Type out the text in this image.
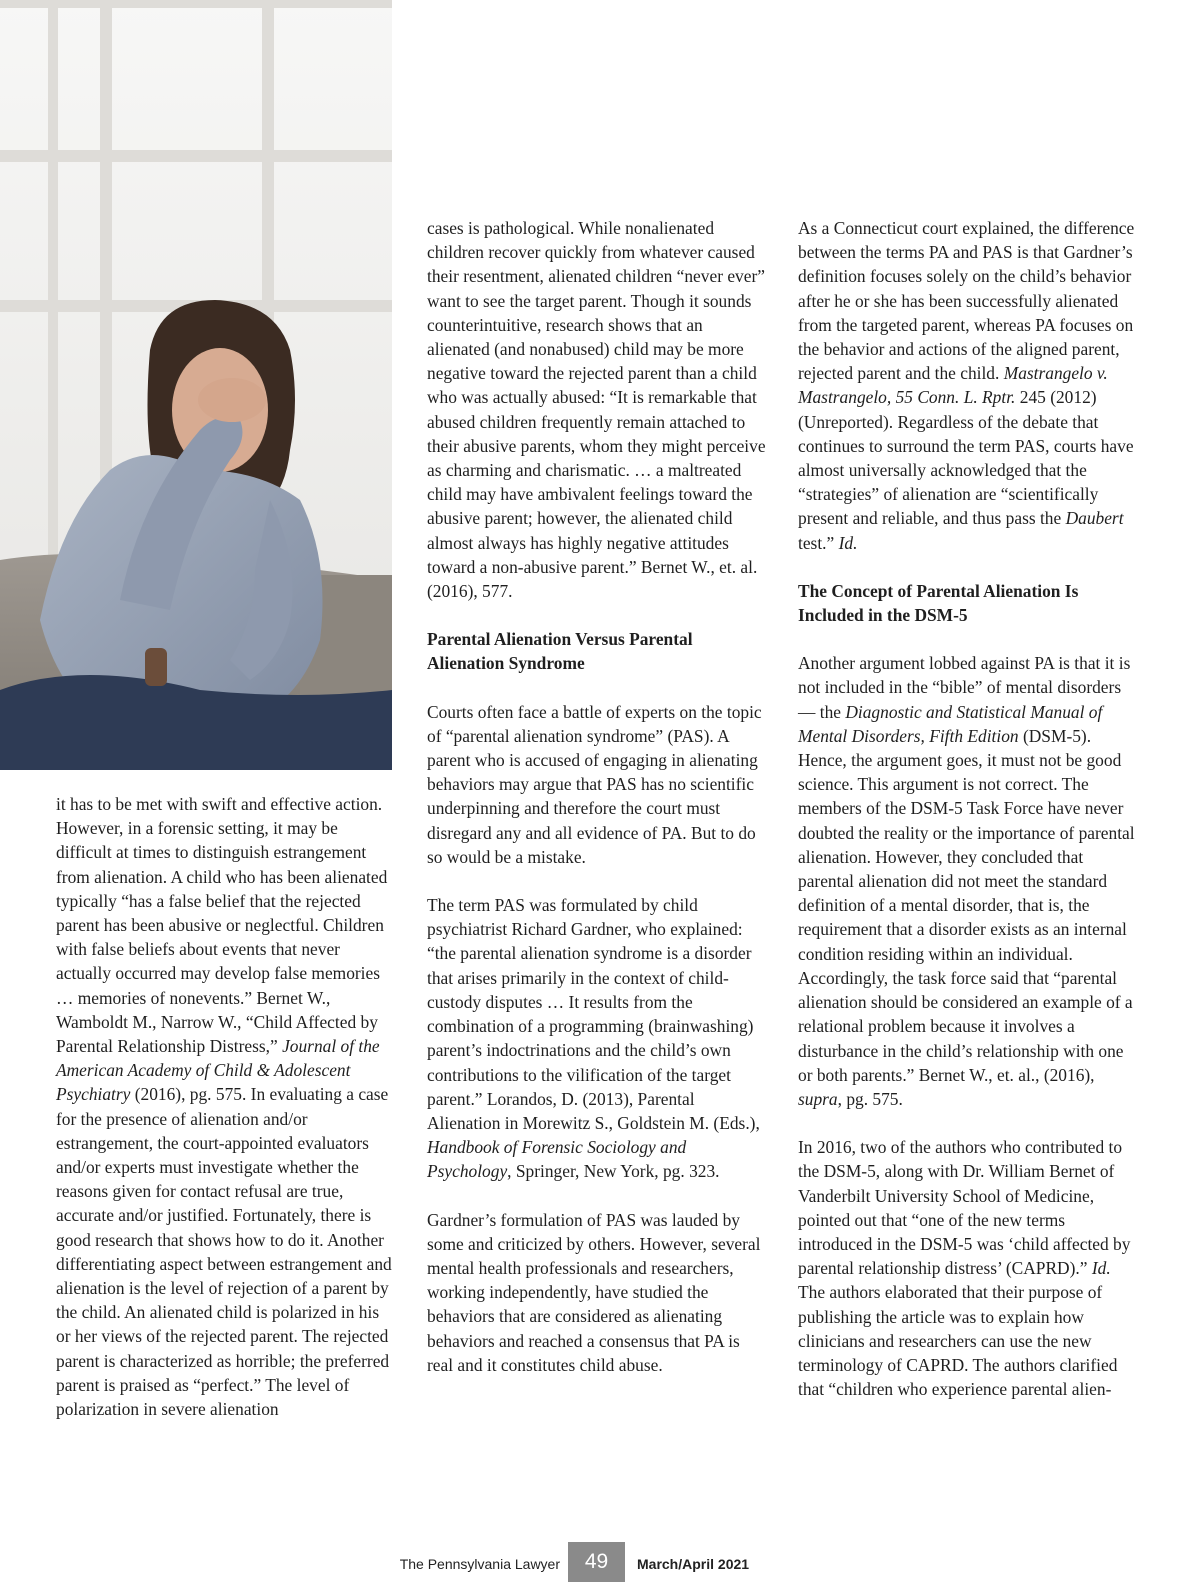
it has to be met with swift and effective action. However, in a forensic setting, it may be difficult at times to distinguish estrangement from alienation. A child who has been alienated typically “has a false belief that the rejected parent has been abusive or neglectful. Children with false beliefs about events that never actually occurred may develop false memories … memories of nonevents.” Bernet W., Wamboldt M., Narrow W., “Child Affected by Parental Relationship Distress,” Journal of the American Academy of Child & Adolescent Psychiatry (2016), pg. 575. In evaluating a case for the presence of alienation and/or estrangement, the court-appointed evaluators and/or experts must investigate whether the reasons given for contact refusal are true, accurate and/or justified. Fortunately, there is good research that shows how to do it. Another differentiating aspect between estrangement and alienation is the level of rejection of a parent by the child. An alienated child is polarized in his or her views of the rejected parent. The rejected parent is characterized as horrible; the preferred parent is praised as “perfect.” The level of polarization in severe alienation

cases is pathological. While nonalienated children recover quickly from whatever caused their resentment, alienated children “never ever” want to see the target parent. Though it sounds counterintuitive, research shows that an alienated (and nonabused) child may be more negative toward the rejected parent than a child who was actually abused: “It is remarkable that abused children frequently remain attached to their abusive parents, whom they might perceive as charming and charismatic. … a maltreated child may have ambivalent feelings toward the abusive parent; however, the alienated child almost always has highly negative attitudes toward a non-abusive parent.” Bernet W., et. al. (2016), 577.

Parental Alienation Versus Parental Alienation Syndrome

Courts often face a battle of experts on the topic of “parental alienation syndrome” (PAS). A parent who is accused of engaging in alienating behaviors may argue that PAS has no scientific underpinning and therefore the court must disregard any and all evidence of PA. But to do so would be a mistake.

The term PAS was formulated by child psychiatrist Richard Gardner, who explained: “the parental alienation syndrome is a disorder that arises primarily in the context of child-custody disputes … It results from the combination of a programming (brainwashing) parent’s indoctrinations and the child’s own contributions to the vilification of the target parent.” Lorandos, D. (2013), Parental Alienation in Morewitz S., Goldstein M. (Eds.), Handbook of Forensic Sociology and Psychology, Springer, New York, pg. 323.

Gardner’s formulation of PAS was lauded by some and criticized by others. However, several mental health professionals and researchers, working independently, have studied the behaviors that are considered as alienating behaviors and reached a consensus that PA is real and it constitutes child abuse.

As a Connecticut court explained, the difference between the terms PA and PAS is that Gardner’s definition focuses solely on the child’s behavior after he or she has been successfully alienated from the targeted parent, whereas PA focuses on the behavior and actions of the aligned parent, rejected parent and the child. Mastrangelo v. Mastrangelo, 55 Conn. L. Rptr. 245 (2012) (Unreported). Regardless of the debate that continues to surround the term PAS, courts have almost universally acknowledged that the “strategies” of alienation are “scientifically present and reliable, and thus pass the Daubert test.” Id.

The Concept of Parental Alienation Is Included in the DSM-5

Another argument lobbed against PA is that it is not included in the “bible” of mental disorders — the Diagnostic and Statistical Manual of Mental Disorders, Fifth Edition (DSM-5). Hence, the argument goes, it must not be good science. This argument is not correct. The members of the DSM-5 Task Force have never doubted the reality or the importance of parental alienation. However, they concluded that parental alienation did not meet the standard definition of a mental disorder, that is, the requirement that a disorder exists as an internal condition residing within an individual. Accordingly, the task force said that “parental alienation should be considered an example of a relational problem because it involves a disturbance in the child’s relationship with one or both parents.” Bernet W., et. al., (2016), supra, pg. 575.

In 2016, two of the authors who contributed to the DSM-5, along with Dr. William Bernet of Vanderbilt University School of Medicine, pointed out that “one of the new terms introduced in the DSM-5 was ‘child affected by parental relationship distress’ (CAPRD).” Id. The authors elaborated that their purpose of publishing the article was to explain how clinicians and researchers can use the new terminology of CAPRD. The authors clarified that “children who experience parental alien-

The Pennsylvania Lawyer	49	March/April 2021
